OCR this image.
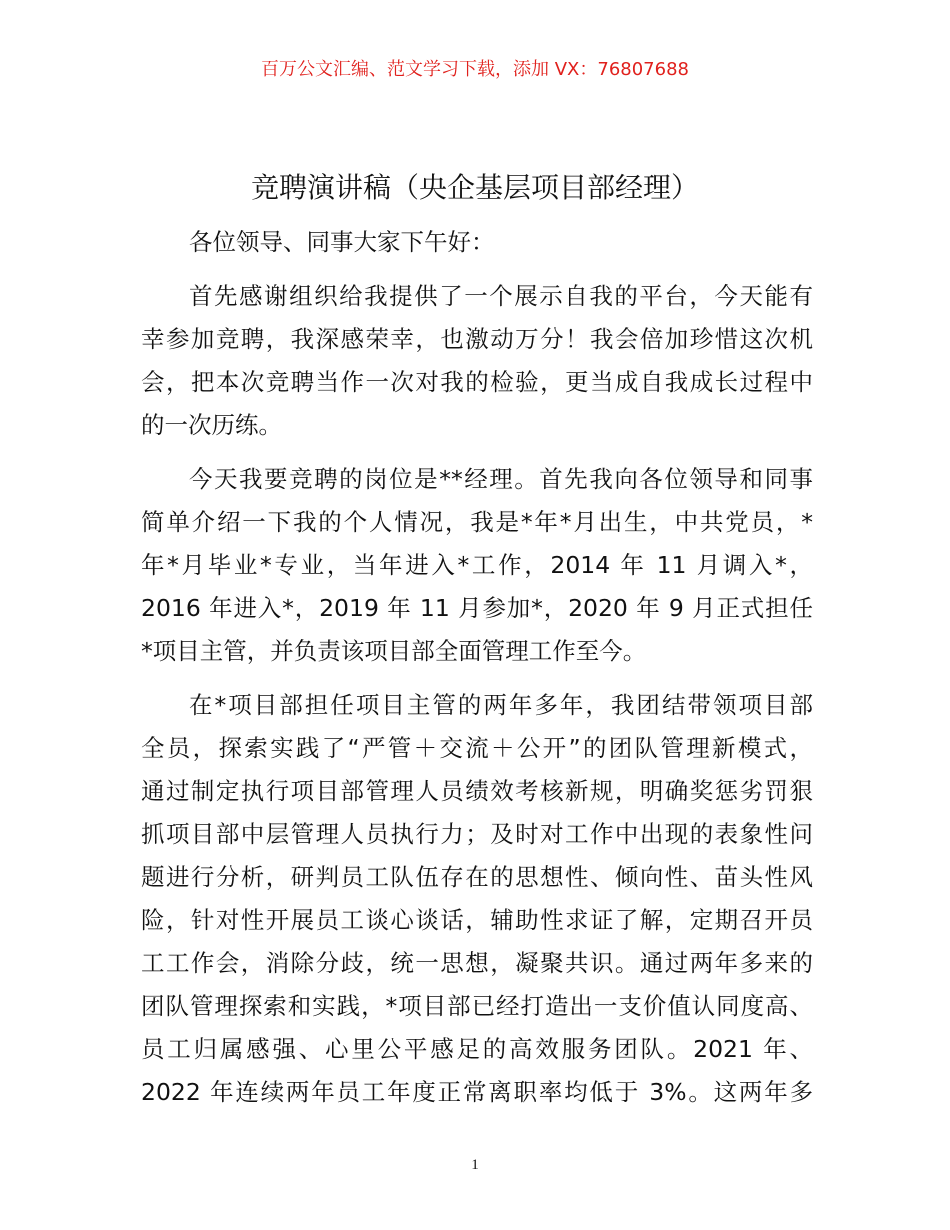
百万公文汇编、范文学习下载，添加 VX：76807688
竞聘演讲稿（央企基层项目部经理）
各位领导、同事大家下午好：
首先感谢组织给我提供了一个展示自我的平台，今天能有
幸参加竞聘，我深感荣幸，也激动万分！我会倍加珍惜这次机
会，把本次竞聘当作一次对我的检验，更当成自我成长过程中
的一次历练。
今天我要竞聘的岗位是**经理。首先我向各位领导和同事
简单介绍一下我的个人情况，我是*年*月出生，中共党员，*
年*月毕业*专业，当年进入*工作，2014 年 11 月调入*，
2016 年进入*，2019 年 11 月参加*，2020 年 9 月正式担任
*项目主管，并负责该项目部全面管理工作至今。
在*项目部担任项目主管的两年多年，我团结带领项目部
全员，探索实践了“严管＋交流＋公开”的团队管理新模式，
通过制定执行项目部管理人员绩效考核新规，明确奖惩劣罚狠
抓项目部中层管理人员执行力；及时对工作中出现的表象性问
题进行分析，研判员工队伍存在的思想性、倾向性、苗头性风
险，针对性开展员工谈心谈话，辅助性求证了解，定期召开员
工工作会，消除分歧，统一思想，凝聚共识。通过两年多来的
团队管理探索和实践，*项目部已经打造出一支价值认同度高、
员工归属感强、心里公平感足的高效服务团队。2021 年、
2022 年连续两年员工年度正常离职率均低于 3%。这两年多
1
